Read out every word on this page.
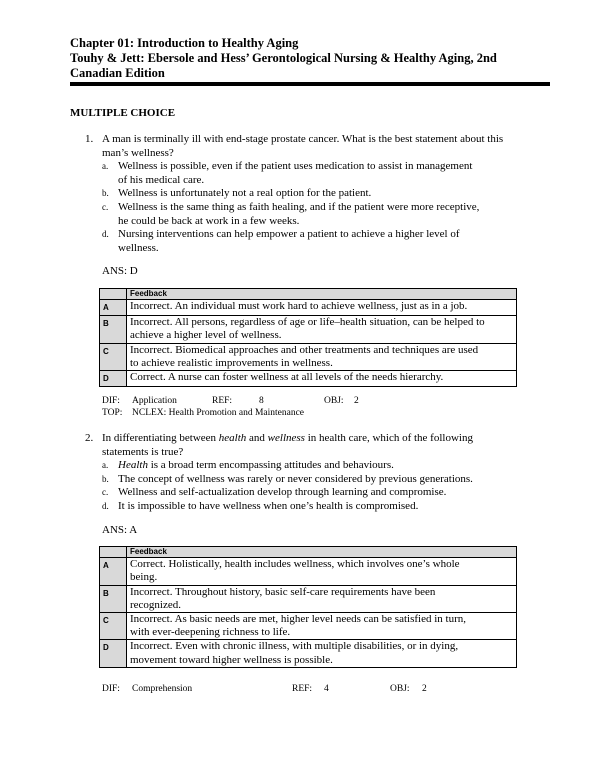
Chapter 01: Introduction to Healthy Aging
Touhy & Jett: Ebersole and Hess’ Gerontological Nursing & Healthy Aging, 2nd
Canadian Edition
MULTIPLE CHOICE
1. A man is terminally ill with end-stage prostate cancer. What is the best statement about this
man’s wellness?
a. Wellness is possible, even if the patient uses medication to assist in management
of his medical care.
b. Wellness is unfortunately not a real option for the patient.
c. Wellness is the same thing as faith healing, and if the patient were more receptive,
he could be back at work in a few weeks.
d. Nursing interventions can help empower a patient to achieve a higher level of
wellness.
ANS: D
	Feedback
A	Incorrect. An individual must work hard to achieve wellness, just as in a job.
B	Incorrect. All persons, regardless of age or life–health situation, can be helped to
achieve a higher level of wellness.

C	Incorrect. Biomedical approaches and other treatments and techniques are used
to achieve realistic improvements in wellness.

D	Correct. A nurse can foster wellness at all levels of the needs hierarchy.
DIF: Application	REF:	8	OBJ: 2
TOP: NCLEX: Health Promotion and Maintenance
2. In differentiating between health and wellness in health care, which of the following
statements is true?
a. Health is a broad term encompassing attitudes and behaviours.
b. The concept of wellness was rarely or never considered by previous generations.
c. Wellness and self-actualization develop through learning and compromise.
d. It is impossible to have wellness when one’s health is compromised.
ANS: A
	Feedback
A	Correct. Holistically, health includes wellness, which involves one’s whole
being.

B	Incorrect. Throughout history, basic self-care requirements have been
recognized.

C	Incorrect. As basic needs are met, higher level needs can be satisfied in turn,
with ever-deepening richness to life.

D	Incorrect. Even with chronic illness, with multiple disabilities, or in dying,
movement toward higher wellness is possible.
DIF: Comprehension	REF: 4	OBJ: 2
